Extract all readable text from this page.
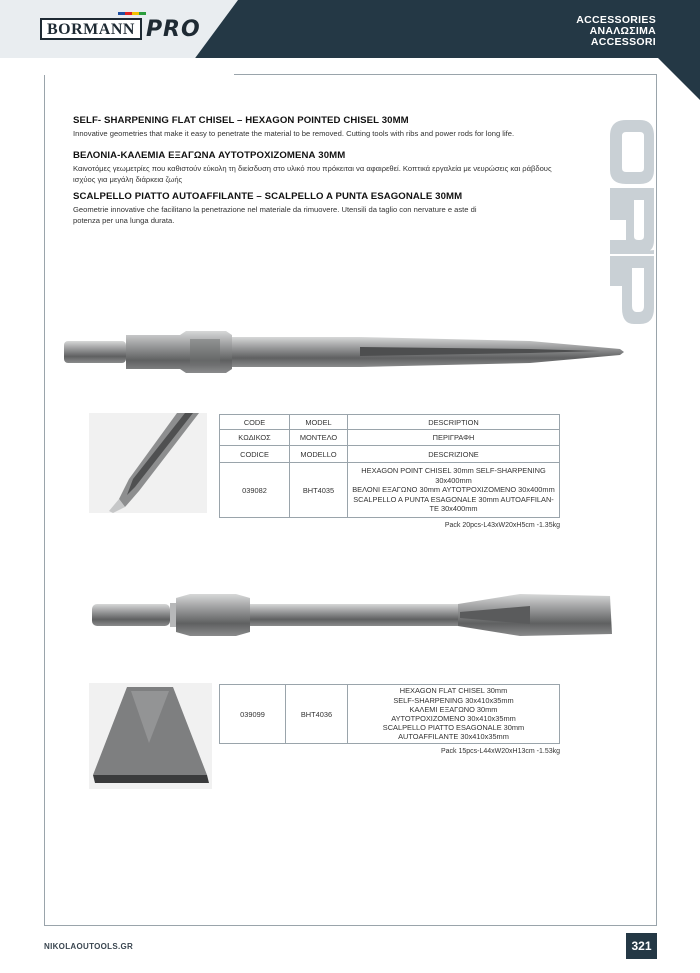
BORMANN PRO	ACCESSORIES
ΑΝΑΛΩΣΙΜΑ
ACCESSORI
SELF- SHARPENING FLAT CHISEL – HEXAGON POINTED CHISEL 30MM
Innovative geometries that make it easy to penetrate the material to be removed. Cutting tools with ribs and power rods for long life.
ΒΕΛΟΝΙΑ-ΚΑΛΕΜΙΑ ΕΞΑΓΩΝΑ ΑΥΤΟΤΡΟΧΙΖΟΜΕΝΑ 30MM
Καινοτόμες γεωμετρίες που καθιστούν εύκολη τη διείσδυση στο υλικό που πρόκειται να αφαιρεθεί. Κοπτικά εργαλεία με νευρώσεις και ράβδους
ισχύος για μεγάλη διάρκεια ζωής
SCALPELLO PIATTO AUTOAFFILANTE – SCALPELLO A PUNTA ESAGONALE 30MM
Geometrie innovative che facilitano la penetrazione nel materiale da rimuovere. Utensili da taglio con nervature e aste di
potenza per una lunga durata.
CODE	MODEL	DESCRIPTION
ΚΩΔΙΚΟΣ	ΜΟΝΤΕΛΟ	ΠΕΡΙΓΡΑΦΗ
CODICE	MODELLO	DESCRIZIONE
039082	BHT4035	HEXAGON POINT CHISEL 30mm SELF-SHARPENING
30x400mm
ΒΕΛΟΝΙ ΕΞΑΓΩΝΟ 30mm ΑΥΤΟΤΡΟΧΙΖΟΜΕΝΟ 30x400mm
SCALPELLO A PUNTA ESAGONALE 30mm AUTOAFFILAN-
TE 30x400mm
Pack 20pcs-L43xW20xH5cm -1.35kg
039099	BHT4036	
HEXAGON FLAT CHISEL 30mm
SELF-SHARPENING 30x410x35mm
ΚΑΛΕΜΙ ΕΞΑΓΩΝΟ 30mm
ΑΥΤΟΤΡΟΧΙΖΟΜΕΝΟ 30x410x35mm
SCALPELLO PIATTO ESAGONALE 30mm
AUTOAFFILANTE 30x410x35mm
Pack 15pcs-L44xW20xH13cm -1.53kg
NIKOLAOUTOOLS.GR	321
